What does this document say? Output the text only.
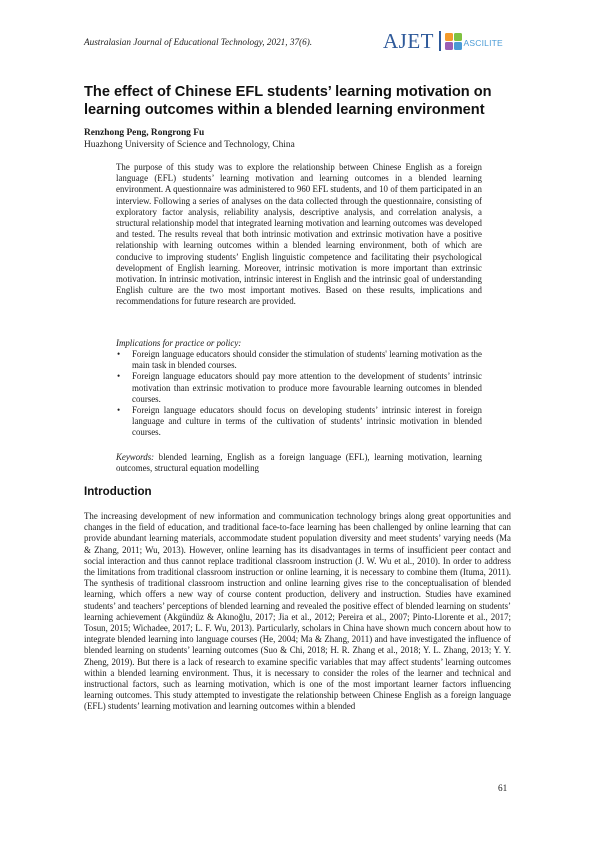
Australasian Journal of Educational Technology, 2021, 37(6).	AJET	ASCILITE
The effect of Chinese EFL students’ learning motivation on learning outcomes within a blended learning environment
Renzhong Peng, Rongrong Fu
Huazhong University of Science and Technology, China

The purpose of this study was to explore the relationship between Chinese English as a foreign language (EFL) students’ learning motivation and learning outcomes in a blended learning environment. A questionnaire was administered to 960 EFL students, and 10 of them participated in an interview. Following a series of analyses on the data collected through the questionnaire, consisting of exploratory factor analysis, reliability analysis, descriptive analysis, and correlation analysis, a structural relationship model that integrated learning motivation and learning outcomes was developed and tested. The results reveal that both intrinsic motivation and extrinsic motivation have a positive relationship with learning outcomes within a blended learning environment, both of which are conducive to improving students’ English linguistic competence and facilitating their psychological development of English learning. Moreover, intrinsic motivation is more important than extrinsic motivation. In intrinsic motivation, intrinsic interest in English and the intrinsic goal of understanding English culture are the two most important motives. Based on these results, implications and recommendations for future research are provided.

Implications for practice or policy:
• Foreign language educators should consider the stimulation of students' learning motivation as the main task in blended courses.
• Foreign language educators should pay more attention to the development of students’ intrinsic motivation than extrinsic motivation to produce more favourable learning outcomes in blended courses.
• Foreign language educators should focus on developing students’ intrinsic interest in foreign language and culture in terms of the cultivation of students’ intrinsic motivation in blended courses.

Keywords: blended learning, English as a foreign language (EFL), learning motivation, learning outcomes, structural equation modelling

Introduction

The increasing development of new information and communication technology brings along great opportunities and changes in the field of education, and traditional face-to-face learning has been challenged by online learning that can provide abundant learning materials, accommodate student population diversity and meet students’ varying needs (Ma & Zhang, 2011; Wu, 2013). However, online learning has its disadvantages in terms of insufficient peer contact and social interaction and thus cannot replace traditional classroom instruction (J. W. Wu et al., 2010). In order to address the limitations from traditional classroom instruction or online learning, it is necessary to combine them (Ituma, 2011). The synthesis of traditional classroom instruction and online learning gives rise to the conceptualisation of blended learning, which offers a new way of course content production, delivery and instruction. Studies have examined students’ and teachers’ perceptions of blended learning and revealed the positive effect of blended learning on students’ learning achievement (Akgündüz & Akınoğlu, 2017; Jia et al., 2012; Pereira et al., 2007; Pinto-Llorente et al., 2017; Tosun, 2015; Wichadee, 2017; L. F. Wu, 2013). Particularly, scholars in China have shown much concern about how to integrate blended learning into language courses (He, 2004; Ma & Zhang, 2011) and have investigated the influence of blended learning on students’ learning outcomes (Suo & Chi, 2018; H. R. Zhang et al., 2018; Y. L. Zhang, 2013; Y. Y. Zheng, 2019). But there is a lack of research to examine specific variables that may affect students’ learning outcomes within a blended learning environment. Thus, it is necessary to consider the roles of the learner and technical and instructional factors, such as learning motivation, which is one of the most important learner factors influencing learning outcomes. This study attempted to investigate the relationship between Chinese English as a foreign language (EFL) students’ learning motivation and learning outcomes within a blended

61
